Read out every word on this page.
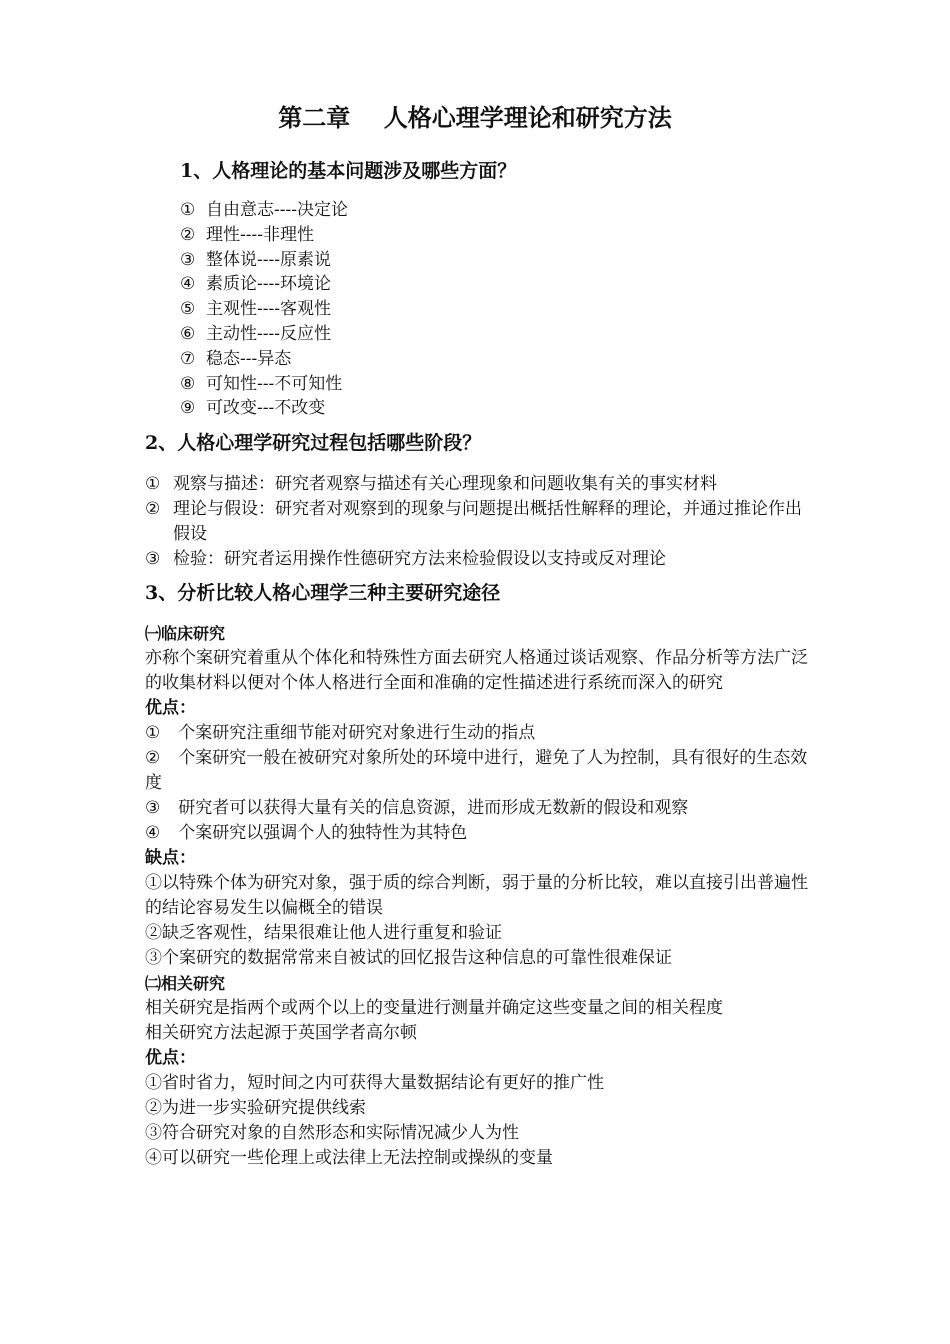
第二章    人格心理学理论和研究方法
1、人格理论的基本问题涉及哪些方面？
① 自由意志----决定论
② 理性----非理性
③ 整体说----原素说
④ 素质论----环境论
⑤ 主观性----客观性
⑥ 主动性----反应性
⑦ 稳态---异态
⑧ 可知性---不可知性
⑨ 可改变---不改变
2、人格心理学研究过程包括哪些阶段？
① 观察与描述：研究者观察与描述有关心理现象和问题收集有关的事实材料
② 理论与假设：研究者对观察到的现象与问题提出概括性解释的理论，并通过推论作出假设
③ 检验：研究者运用操作性德研究方法来检验假设以支持或反对理论
3、分析比较人格心理学三种主要研究途径

㈠临床研究

亦称个案研究着重从个体化和特殊性方面去研究人格通过谈话观察、作品分析等方法广泛的收集材料以便对个体人格进行全面和准确的定性描述进行系统而深入的研究

优点：

① 个案研究注重细节能对研究对象进行生动的指点

② 个案研究一般在被研究对象所处的环境中进行，避免了人为控制，具有很好的生态效度

③ 研究者可以获得大量有关的信息资源，进而形成无数新的假设和观察

④ 个案研究以强调个人的独特性为其特色

缺点：

①以特殊个体为研究对象，强于质的综合判断，弱于量的分析比较，难以直接引出普遍性的结论容易发生以偏概全的错误

②缺乏客观性，结果很难让他人进行重复和验证

③个案研究的数据常常来自被试的回忆报告这种信息的可靠性很难保证

㈡相关研究

相关研究是指两个或两个以上的变量进行测量并确定这些变量之间的相关程度

相关研究方法起源于英国学者高尔顿

优点：

①省时省力，短时间之内可获得大量数据结论有更好的推广性

②为进一步实验研究提供线索

③符合研究对象的自然形态和实际情况减少人为性

④可以研究一些伦理上或法律上无法控制或操纵的变量
